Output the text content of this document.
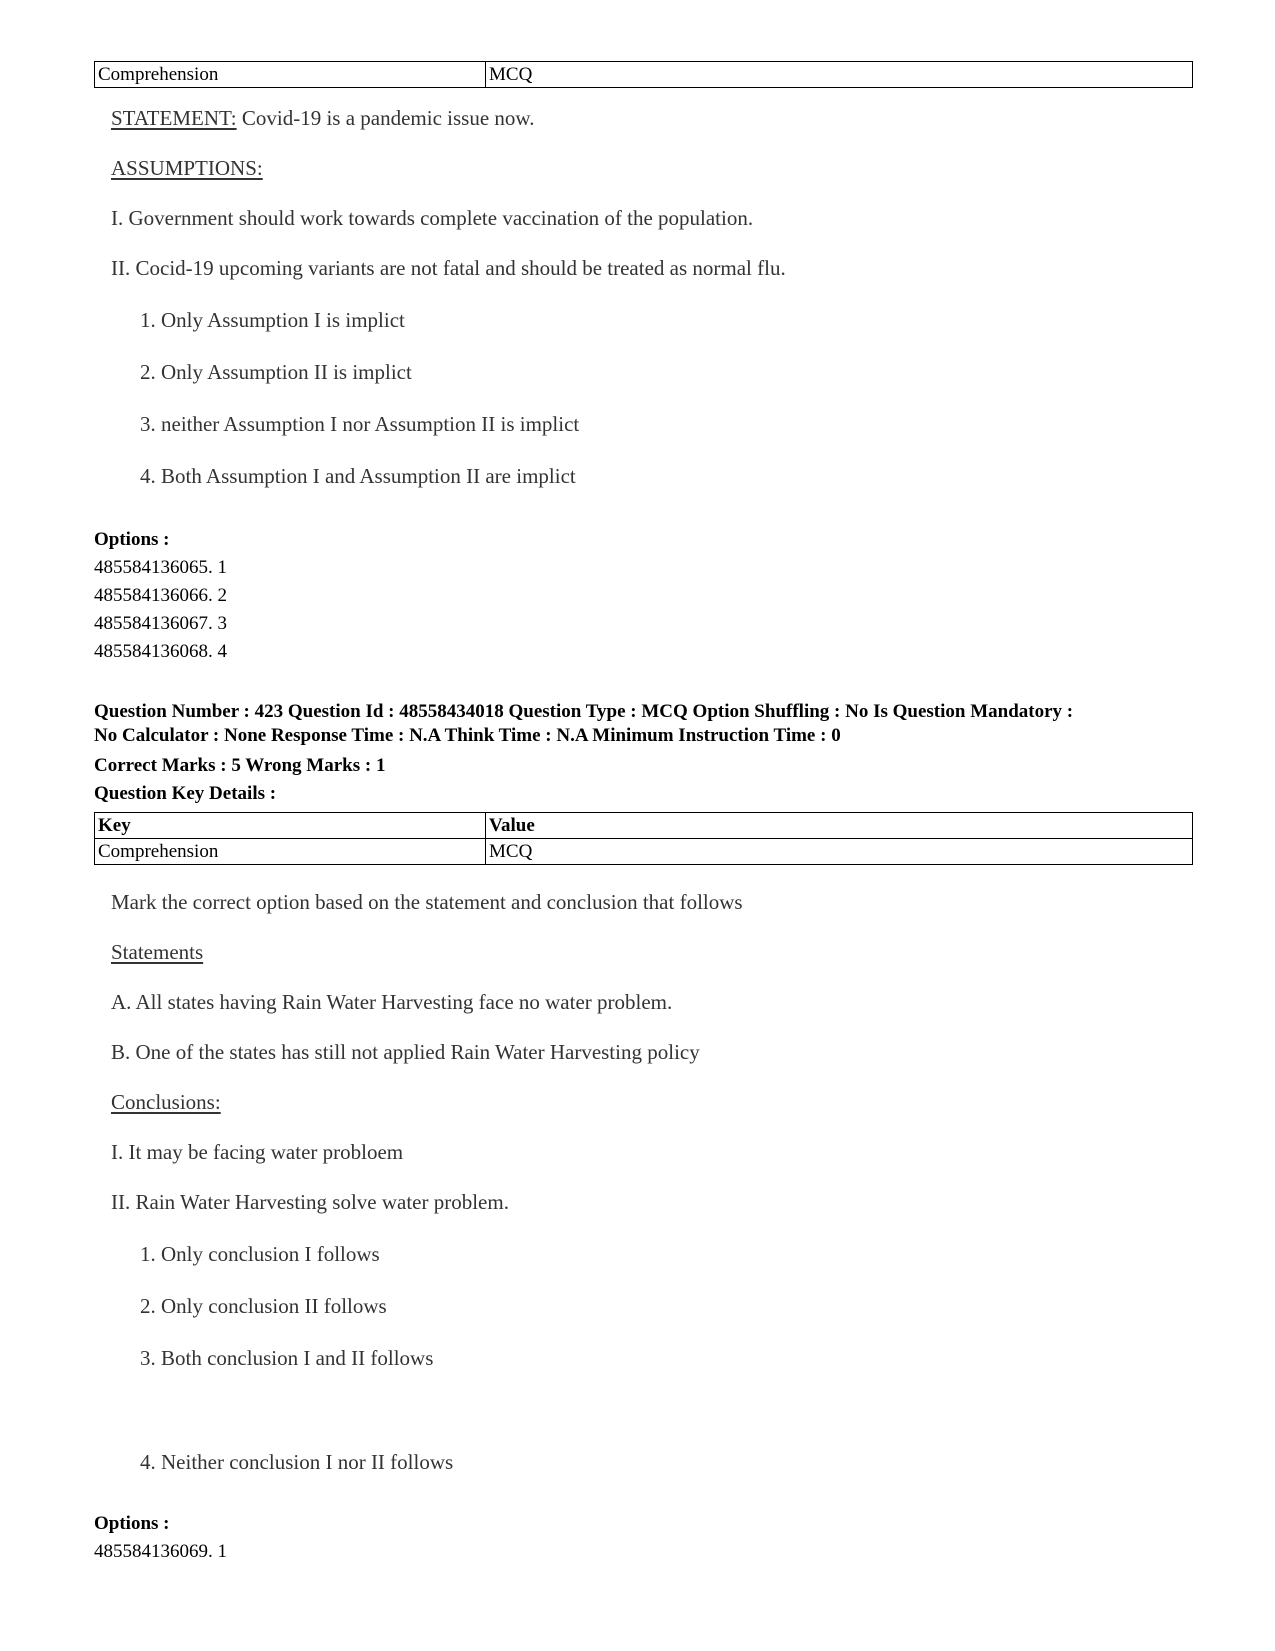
Comprehension	MCQ
STATEMENT: Covid-19 is a pandemic issue now.
ASSUMPTIONS:
I. Government should work towards complete vaccination of the population.
II. Cocid-19 upcoming variants are not fatal and should be treated as normal flu.
1. Only Assumption I is implict
2. Only Assumption II is implict
3. neither Assumption I nor Assumption II is implict
4. Both Assumption I and Assumption II are implict
Options :
485584136065. 1
485584136066. 2
485584136067. 3
485584136068. 4
Question Number : 423 Question Id : 48558434018 Question Type : MCQ Option Shuffling : No Is Question Mandatory :
No Calculator : None Response Time : N.A Think Time : N.A Minimum Instruction Time : 0
Correct Marks : 5 Wrong Marks : 1
Question Key Details :
Key	Value
Comprehension	MCQ
Mark the correct option based on the statement and conclusion that follows
Statements
A. All states having Rain Water Harvesting face no water problem.
B. One of the states has still not applied Rain Water Harvesting policy
Conclusions:
I. It may be facing water probloem
II. Rain Water Harvesting solve water problem.
1. Only conclusion I follows
2. Only conclusion II follows
3. Both conclusion I and II follows
4. Neither conclusion I nor II follows
Options :
485584136069. 1
